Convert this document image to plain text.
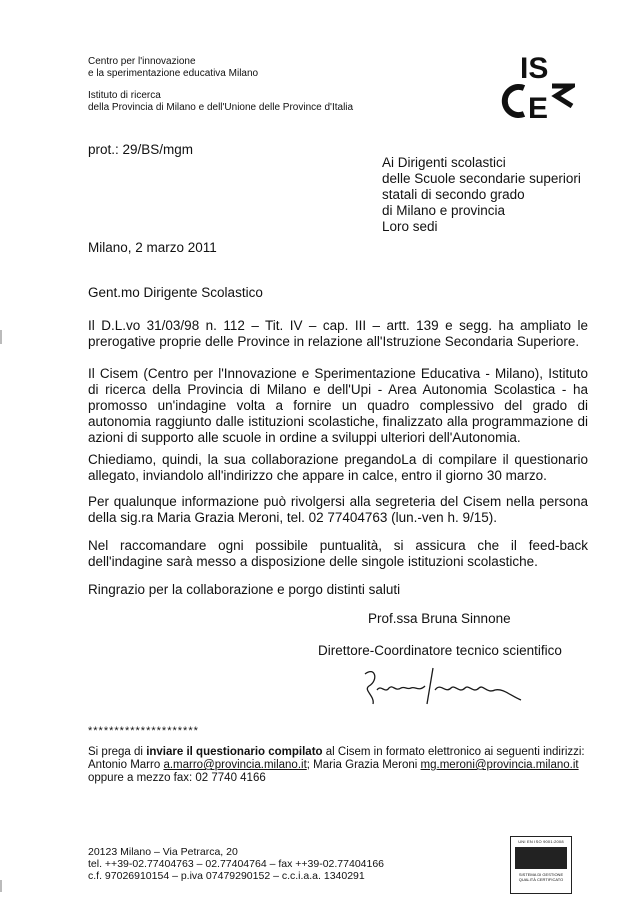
Centro per l'innovazione
e la sperimentazione educativa Milano
Istituto di ricerca
della Provincia di Milano e dell'Unione delle Province d'Italia
IS
E
prot.: 29/BS/mgm
Ai Dirigenti scolastici
delle Scuole secondarie superiori
statali di secondo grado
di Milano e provincia
Loro sedi
Milano, 2 marzo 2011
Gent.mo Dirigente Scolastico

Il D.L.vo 31/03/98 n. 112 – Tit. IV – cap. III – artt. 139 e segg. ha ampliato le prerogative proprie delle Province in relazione all'Istruzione Secondaria Superiore.

Il Cisem (Centro per l'Innovazione e Sperimentazione Educativa - Milano), Istituto di ricerca della Provincia di Milano e dell'Upi - Area Autonomia Scolastica - ha promosso un'indagine volta a fornire un quadro complessivo del grado di autonomia raggiunto dalle istituzioni scolastiche, finalizzato alla programmazione di azioni di supporto alle scuole in ordine a sviluppi ulteriori dell'Autonomia.

Chiediamo, quindi, la sua collaborazione pregandoLa di compilare il questionario allegato, inviandolo all'indirizzo che appare in calce, entro il giorno 30 marzo.

Per qualunque informazione può rivolgersi alla segreteria del Cisem nella persona della sig.ra Maria Grazia Meroni, tel. 02 77404763 (lun.-ven h. 9/15).

Nel raccomandare ogni possibile puntualità, si assicura che il feed-back dell'indagine sarà messo a disposizione delle singole istituzioni scolastiche.

Ringrazio per la collaborazione e porgo distinti saluti

Prof.ssa Bruna Sinnone
Direttore-Coordinatore tecnico scientifico
*********************
Si prega di inviare il questionario compilato al Cisem in formato elettronico ai seguenti indirizzi:
Antonio Marro a.marro@provincia.milano.it; Maria Grazia Meroni mg.meroni@provincia.milano.it
oppure a mezzo fax: 02 7740 4166
20123 Milano – Via Petrarca, 20
tel. ++39-02.77404763 – 02.77404764 – fax ++39-02.77404166
c.f. 97026910154 – p.iva 07479290152 – c.c.i.a.a. 1340291
UNI EN ISO 9001:2008
SISTEMA DI GESTIONE
QUALITÀ CERTIFICATO
